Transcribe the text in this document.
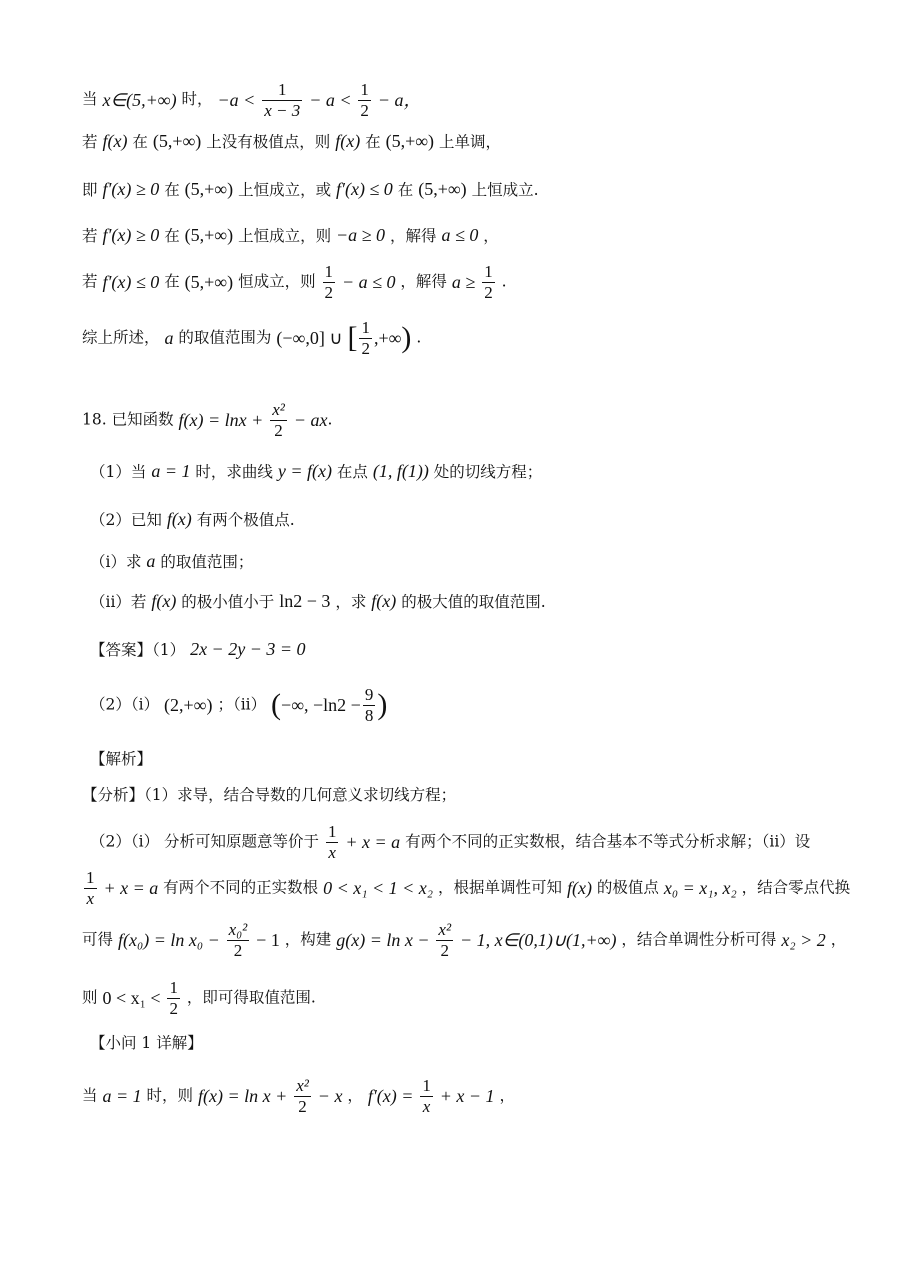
当 x∈(5,+∞) 时， $-a < \frac{1}{x - 3} - a < \frac{1}{2} - a$，
若 f(x) 在 (5,+∞) 上没有极值点，则 f(x) 在 (5,+∞) 上单调，
即 f′(x) ≥ 0 在 (5,+∞) 上恒成立，或 f′(x) ≤ 0 在 (5,+∞) 上恒成立.
若 f′(x) ≥ 0 在 (5,+∞) 上恒成立，则 −a ≥ 0 ，解得 a ≤ 0 ，
若 f′(x) ≤ 0 在 (5,+∞) 恒成立，则 $\frac{1}{2} - a \le 0$ ，解得 $a \ge \frac{1}{2}$ .
综上所述， a 的取值范围为 (−∞,0] ∪ [ $\frac{1}{2}$ ,+∞) .
18. 已知函数 $f(x) = \ln x + \frac{\text{x²}}{2}$ − ax.
（1）当 a = 1 时，求曲线 y = f(x) 在点 (1, f(1)) 处的切线方程；
（2）已知 f(x) 有两个极值点.
（i）求 a 的取值范围；
（ii）若 f(x) 的极小值小于 ln2 − 3 ，求 f(x) 的极大值的取值范围.
【答案】（1） 2x − 2y − 3 = 0
（2）（i） (2,+∞) ；（ii） (−∞, $-\ln 2 - \frac{9}{8}$ )
【解析】
【分析】（1）求导，结合导数的几何意义求切线方程；
（2）（i） 分析可知原题意等价于 $\frac{1}{x} + x = a$ 有两个不同的正实数根，结合基本不等式分析求解；（ii）设
$\frac{1}{x} + x = a$ 有两个不同的正实数根 0 < x₁ < 1 < x₂ ，根据单调性可知 f(x) 的极值点 x₀ = x₁, x₂ ，结合零点代换
可得 $f(x_0) = \ln x_0 - \frac{\text{x₀²}}{2} - 1$ ，构建 $g(x) = \ln x - \frac{\text{x²}}{2} - 1$, x∈(0,1)∪(1,+∞) ，结合单调性分析可得 x₂ > 2 ，
则 $0 < x_1 < \frac{1}{2}$ ，即可得取值范围.
【小问 1 详解】
当 a = 1 时，则 $f(x) = \ln x + \frac{\text{x²}}{2} - x$ ， $f'(x) = \frac{1}{x} + x - 1$ ，
